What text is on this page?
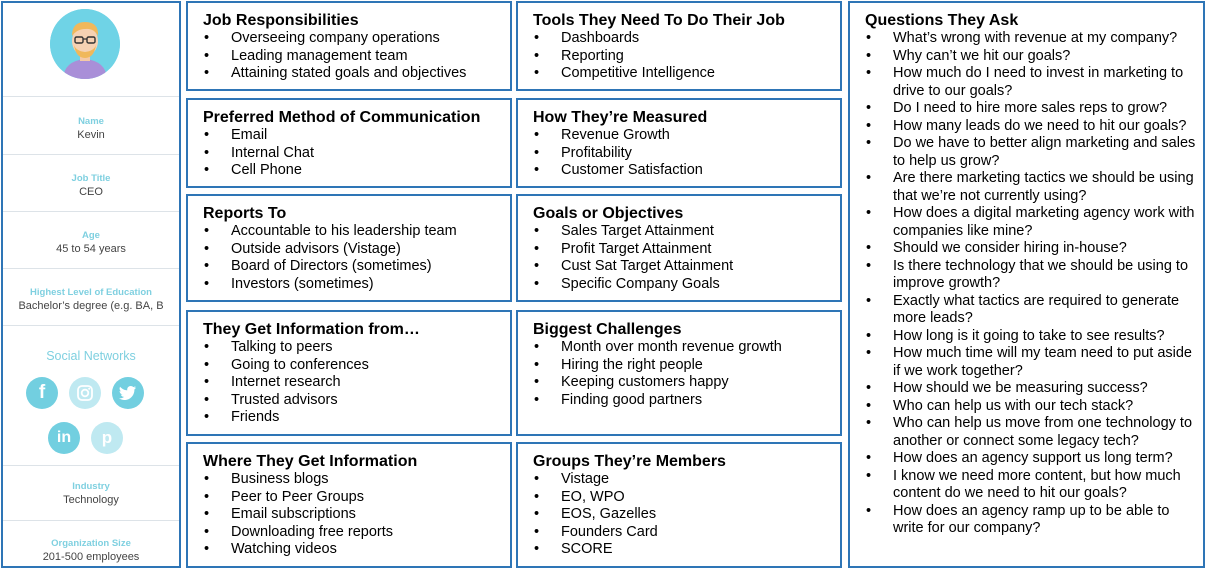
Name
Kevin
Job Title
CEO
Age
45 to 54 years
Highest Level of Education
Bachelor’s degree (e.g. BA, B
Social Networks
f
in	p
Industry
Technology
Organization Size
201-500 employees
Job Responsibilities
• Overseeing company operations
• Leading management team
• Attaining stated goals and objectives
Preferred Method of Communication
• Email
• Internal Chat
• Cell Phone
Reports To
• Accountable to his leadership team
• Outside advisors (Vistage)
• Board of Directors (sometimes)
• Investors (sometimes)
They Get Information from…
• Talking to peers
• Going to conferences
• Internet research
• Trusted advisors
• Friends
Where They Get Information
• Business blogs
• Peer to Peer Groups
• Email subscriptions
• Downloading free reports
• Watching videos
Tools They Need To Do Their Job
• Dashboards
• Reporting
• Competitive Intelligence
How They’re Measured
• Revenue Growth
• Profitability
• Customer Satisfaction
Goals or Objectives
• Sales Target Attainment
• Profit Target Attainment
• Cust Sat Target Attainment
• Specific Company Goals
Biggest Challenges
• Month over month revenue growth
• Hiring the right people
• Keeping customers happy
• Finding good partners
Groups They’re Members
• Vistage
• EO, WPO
• EOS, Gazelles
• Founders Card
• SCORE
Questions They Ask
• What’s wrong with revenue at my company?
• Why can’t we hit our goals?
• How much do I need to invest in marketing to drive to our goals?
• Do I need to hire more sales reps to grow?
• How many leads do we need to hit our goals?
• Do we have to better align marketing and sales to help us grow?
• Are there marketing tactics we should be using that we’re not currently using?
• How does a digital marketing agency work with companies like mine?
• Should we consider hiring in-house?
• Is there technology that we should be using to improve growth?
• Exactly what tactics are required to generate more leads?
• How long is it going to take to see results?
• How much time will my team need to put aside if we work together?
• How should we be measuring success?
• Who can help us with our tech stack?
• Who can help us move from one technology to another or connect some legacy tech?
• How does an agency support us long term?
• I know we need more content, but how much content do we need to hit our goals?
• How does an agency ramp up to be able to write for our company?
